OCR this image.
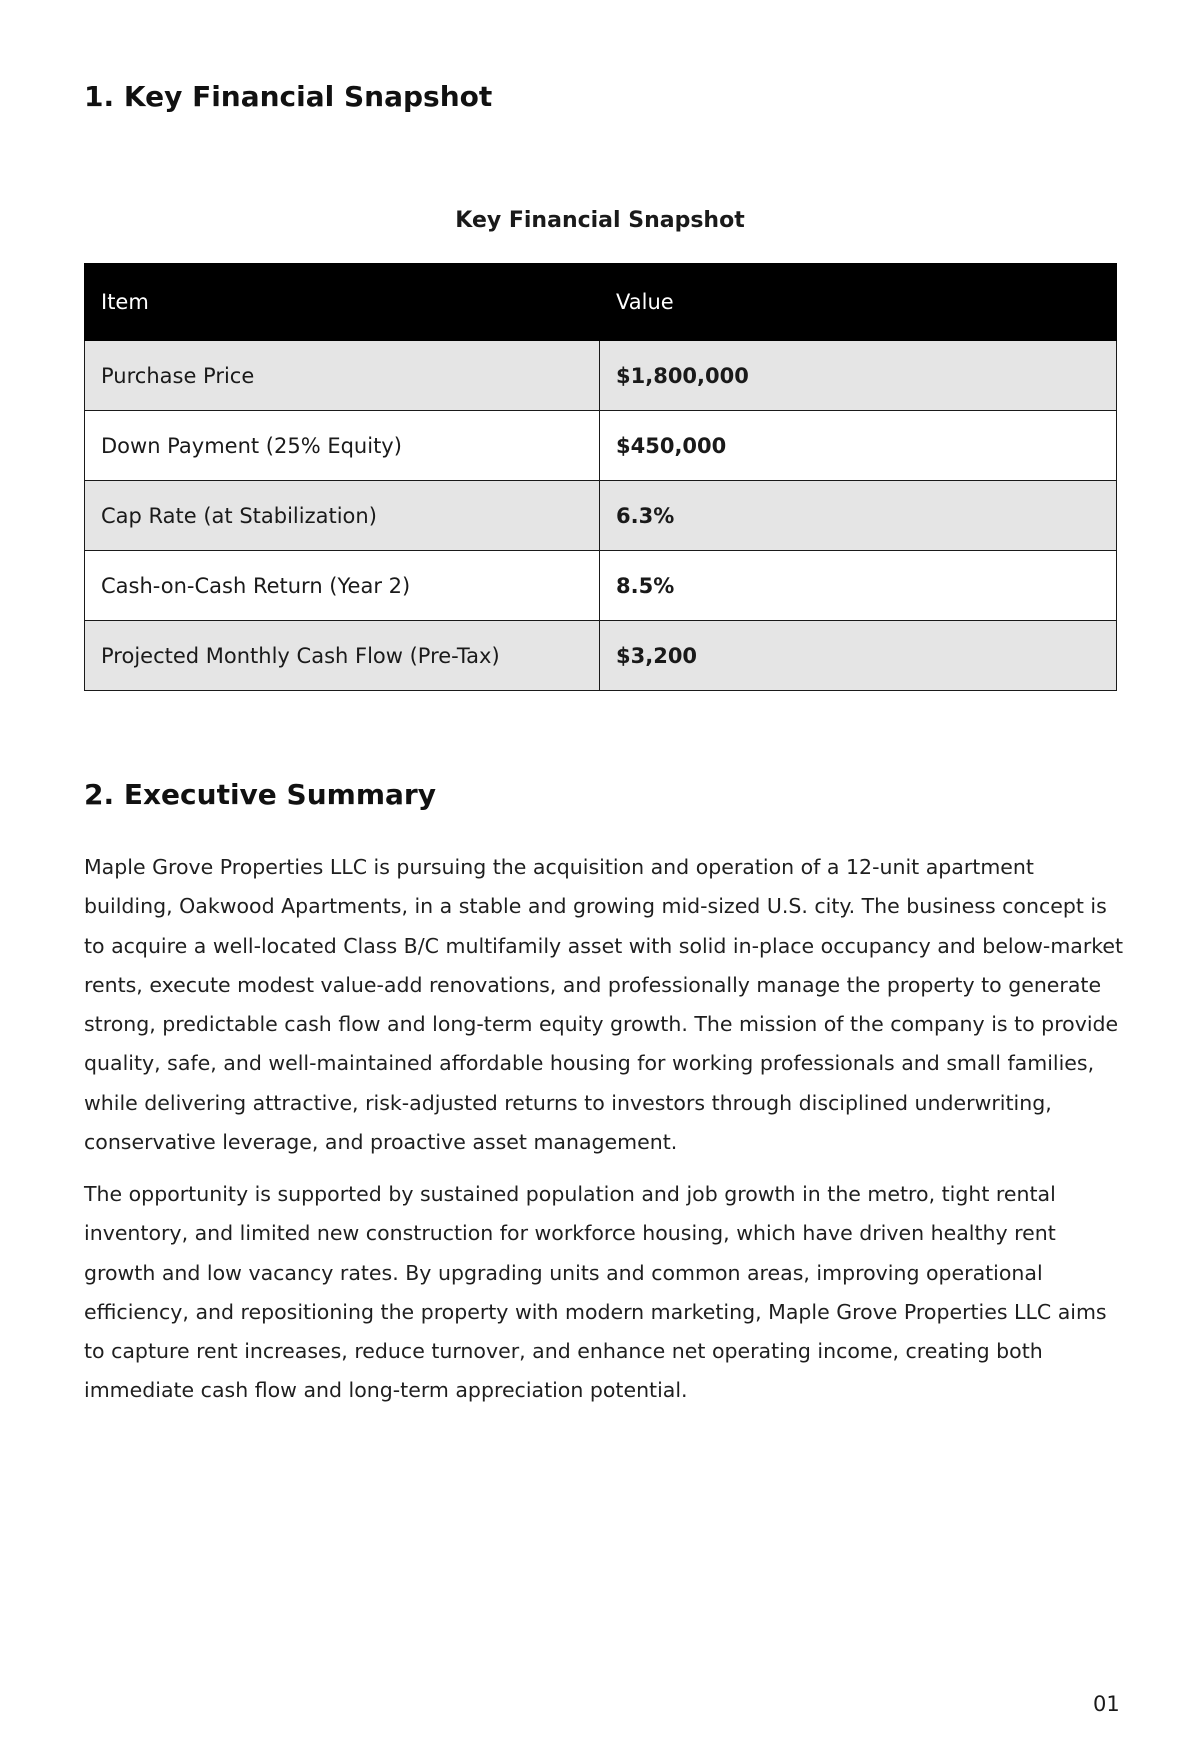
1. Key Financial Snapshot
Key Financial Snapshot
Item	Value
Purchase Price	$1,800,000
Down Payment (25% Equity)	$450,000
Cap Rate (at Stabilization)	6.3%
Cash-on-Cash Return (Year 2)	8.5%
Projected Monthly Cash Flow (Pre-Tax)	$3,200
2. Executive Summary

Maple Grove Properties LLC is pursuing the acquisition and operation of a 12-unit apartment building, Oakwood Apartments, in a stable and growing mid-sized U.S. city. The business concept is to acquire a well-located Class B/C multifamily asset with solid in-place occupancy and below-market rents, execute modest value-add renovations, and professionally manage the property to generate strong, predictable cash flow and long-term equity growth. The mission of the company is to provide quality, safe, and well-maintained affordable housing for working professionals and small families, while delivering attractive, risk-adjusted returns to investors through disciplined underwriting, conservative leverage, and proactive asset management.

The opportunity is supported by sustained population and job growth in the metro, tight rental inventory, and limited new construction for workforce housing, which have driven healthy rent growth and low vacancy rates. By upgrading units and common areas, improving operational efficiency, and repositioning the property with modern marketing, Maple Grove Properties LLC aims to capture rent increases, reduce turnover, and enhance net operating income, creating both immediate cash flow and long-term appreciation potential.

01
